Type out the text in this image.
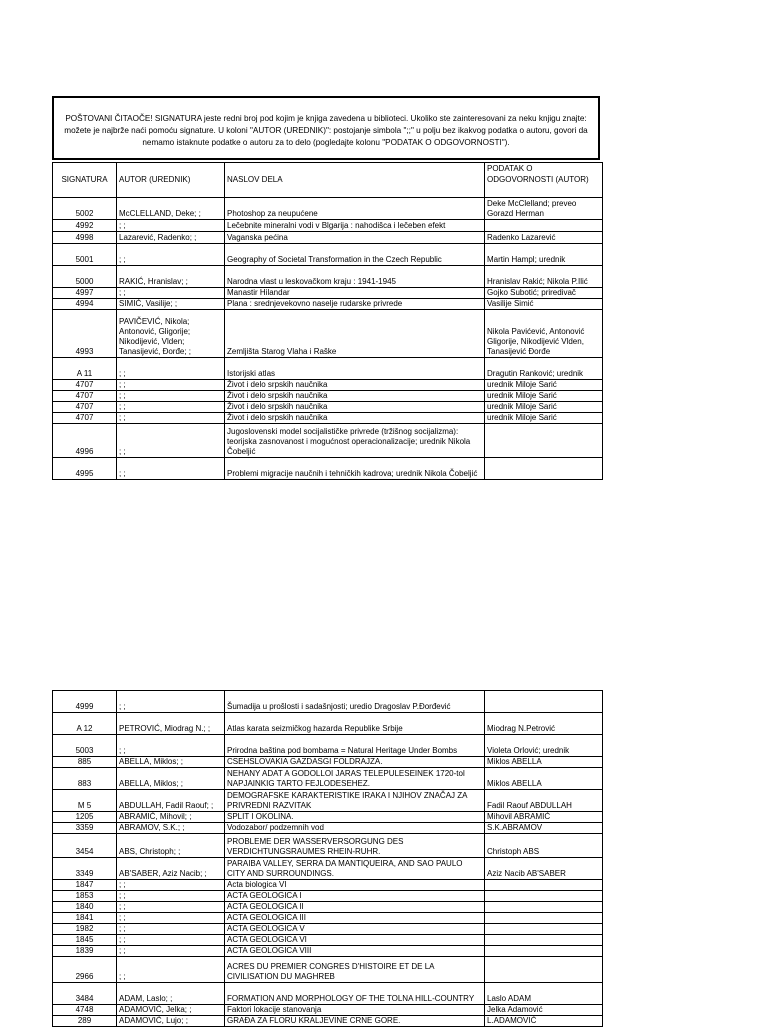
POŠTOVANI ČITAOČE! SIGNATURA jeste redni broj pod kojim je knjiga zavedena u biblioteci. Ukoliko ste zainteresovani za neku knjigu znajte: možete je najbrže naći pomoću signature. U koloni "AUTOR (UREDNIK)": postojanje simbola ";;" u polju bez ikakvog podatka o autoru, govori da nemamo istaknute podatke o autoru za to delo (pogledajte kolonu "PODATAK O ODGOVORNOSTI").
SIGNATURA	AUTOR (UREDNIK)	NASLOV DELA	PODATAK O ODGOVORNOSTI (AUTOR)
5002	McCLELLAND, Deke; ;	Photoshop za neupućene	Deke McClelland; preveo Gorazd Herman
4992	; ;	Lečebnite mineralni vodi v Blgarija : nahodišca i lečeben efekt	
4998	Lazarević, Radenko; ;	Vaganska pećina	Radenko Lazarević
5001	; ;	Geography of Societal Transformation in the Czech Republic	Martin Hampl; urednik
5000	RAKIĆ, Hranislav; ;	Narodna vlast u leskovačkom kraju : 1941-1945	Hranislav Rakić; Nikola P.Ilić
4997	; ;	Manastir Hilandar	Gojko Subotić; priredivač
4994	SIMIĆ, Vasilije; ;	Plana : srednjevekovno naselje rudarske privrede	Vasilije Simić
4993	PAVIČEVIĆ, Nikola; Antonović, Gligorije; Nikodijević, Vlden; Tanasijević, Đorđe; ;	Zemljišta Starog Vlaha i Raške	Nikola Pavićević, Antonović Gligorije, Nikodijević Vlden, Tanasijević Đorđe
A 11	; ;	Istorijski atlas	Dragutin Ranković; urednik
4707	; ;	Život i delo srpskih naučnika	urednik Miloje Sarić
4707	; ;	Život i delo srpskih naučnika	urednik Miloje Sarić
4707	; ;	Život i delo srpskih naučnika	urednik Miloje Sarić
4707	; ;	Život i delo srpskih naučnika	urednik Miloje Sarić
4996	; ;	Jugoslovenski model socijalističke privrede (tržišnog socijalizma): teorijska zasnovanost i mogućnost operacionalizacije; urednik Nikola Čobeljić	
4995	; ;	Problemi migracije naučnih i tehničkih kadrova; urednik Nikola Čobeljić	
4999	; ;	Šumadija u prošlosti i sadašnjosti; uredio Dragoslav P.Đorđević	
A 12	PETROVIĆ, Miodrag N.; ;	Atlas karata seizmičkog hazarda Republike Srbije	Miodrag N.Petrović
5003	; ;	Prirodna baština pod bombama = Natural Heritage Under Bombs	Violeta Orlović; urednik
885	ABELLA, Miklos; ;	CSEHSLOVAKIA GAZDASGI FOLDRAJZA.	Miklos ABELLA
883	ABELLA, Miklos; ;	NEHANY ADAT A GODOLLOI JARAS TELEPULESEINEK 1720-tol NAPJAINKIG TARTO FEJLODESEHEZ.	Miklos ABELLA
M 5	ABDULLAH, Fadil Raouf; ;	DEMOGRAFSKE KARAKTERISTIKE IRAKA I NJIHOV ZNAČAJ ZA PRIVREDNI RAZVITAK	Fadil Raouf ABDULLAH
1205	ABRAMIĆ, Mihovil; ;	SPLIT I OKOLINA.	Mihovil ABRAMIĆ
3359	ABRAMOV, S.K.; ;	Vodozabor/ podzemnih vod	S.K.ABRAMOV
3454	ABS, Christoph; ;	PROBLEME DER WASSERVERSORGUNG DES VERDICHTUNGSRAUMES RHEIN-RUHR.	Christoph ABS
3349	AB'SABER, Aziz Nacib; ;	PARAIBA VALLEY, SERRA DA MANTIQUEIRA, AND SAO PAULO CITY AND SURROUNDINGS.	Aziz Nacib AB'SABER
1847	; ;	Acta biologica VI	
1853	; ;	ACTA GEOLOGICA I	
1840	; ;	ACTA GEOLOGICA II	
1841	; ;	ACTA GEOLOGICA III	
1982	; ;	ACTA GEOLOGICA V	
1845	; ;	ACTA GEOLOGICA VI	
1839	; ;	ACTA GEOLOGICA VIII	
2966	; ;	ACRES DU PREMIER CONGRES D'HISTOIRE ET DE LA CIVILISATION DU MAGHREB	
3484	ADAM, Laslo; ;	FORMATION AND MORPHOLOGY OF THE TOLNA HILL-COUNTRY	Laslo ADAM
4748	ADAMOVIĆ, Jelka; ;	Faktori lokacije stanovanja	Jelka Adamović
289	ADAMOVIĆ, Lujo; ;	GRAĐA ZA FLORU KRALJEVINE CRNE GORE.	L.ADAMOVIĆ
